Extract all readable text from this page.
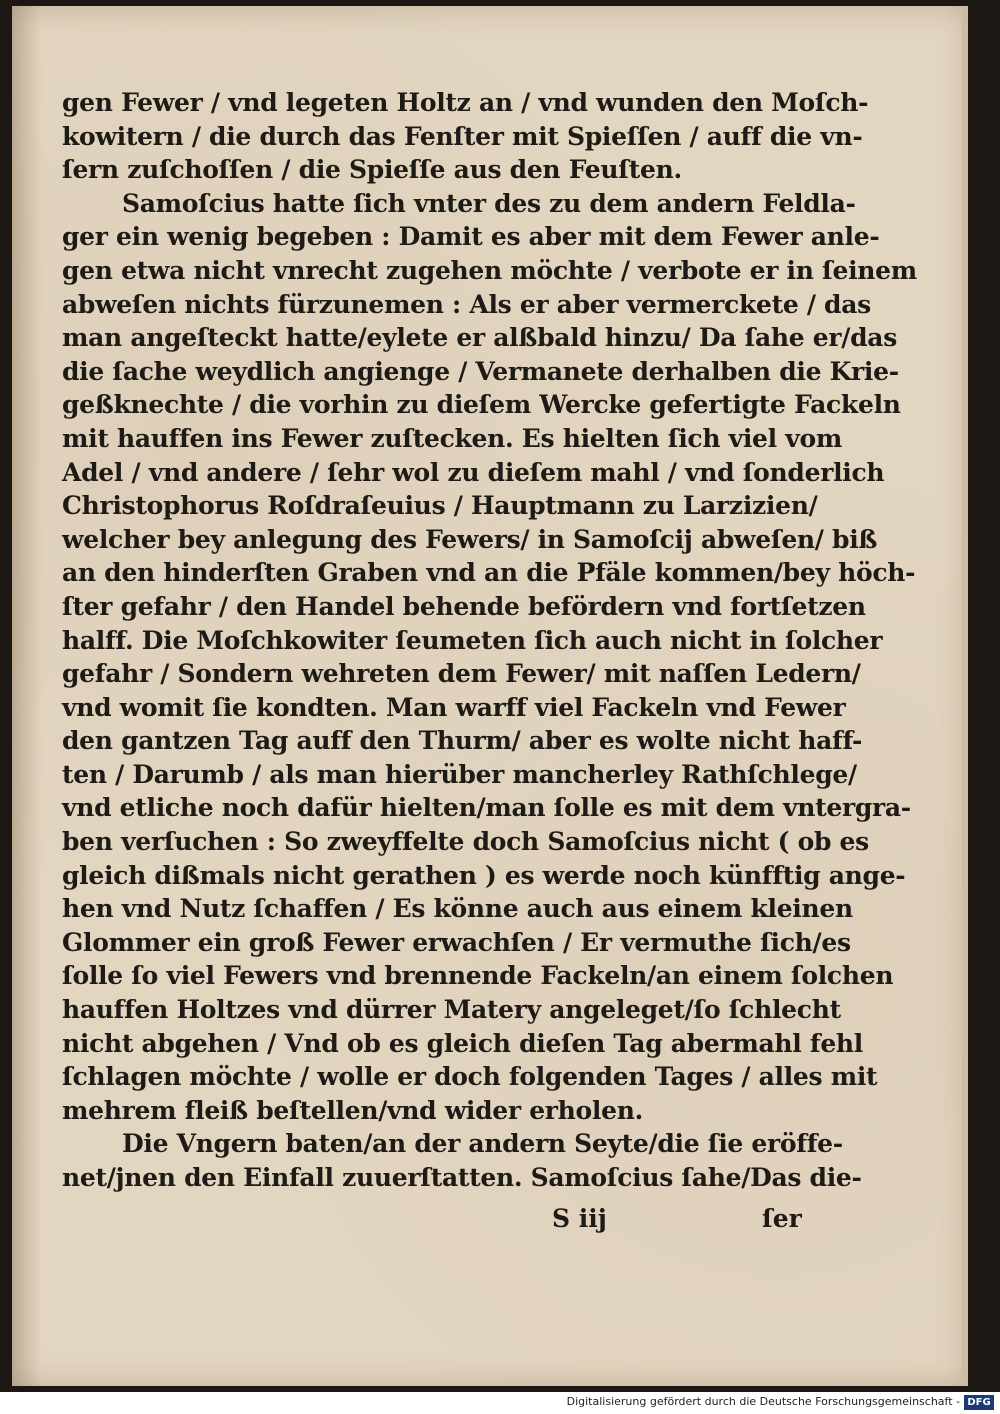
gen Fewer / vnd legeten Holtz an / vnd wunden den Moſch-
kowitern / die durch das Fenſter mit Spieſſen / auff die vn-
ſern zuſchoſſen / die Spieſſe aus den Feuſten.
Samoſcius hatte ſich vnter des zu dem andern Feldla-
ger ein wenig begeben : Damit es aber mit dem Fewer anle-
gen etwa nicht vnrecht zugehen möchte / verbote er in ſeinem
abweſen nichts fürzunemen : Als er aber vermerckete / das
man angeſteckt hatte/eylete er alßbald hinzu/ Da ſahe er/das
die ſache weydlich angienge / Vermanete derhalben die Krie-
geßknechte / die vorhin zu dieſem Wercke gefertigte Fackeln
mit hauffen ins Fewer zuſtecken. Es hielten ſich viel vom
Adel / vnd andere / ſehr wol zu dieſem mahl / vnd ſonderlich
Christophorus Roſdraſeuius / Hauptmann zu Larzizien/
welcher bey anlegung des Fewers/ in Samoſcij abweſen/ biß
an den hinderſten Graben vnd an die Pfäle kommen/bey höch-
ſter gefahr / den Handel behende befördern vnd fortſetzen
halff. Die Moſchkowiter ſeumeten ſich auch nicht in ſolcher
gefahr / Sondern wehreten dem Fewer/ mit naſſen Ledern/
vnd womit ſie kondten. Man warff viel Fackeln vnd Fewer
den gantzen Tag auff den Thurm/ aber es wolte nicht haff-
ten / Darumb / als man hierüber mancherley Rathſchlege/
vnd etliche noch dafür hielten/man ſolle es mit dem vntergra-
ben verſuchen : So zweyffelte doch Samoſcius nicht ( ob es
gleich dißmals nicht gerathen ) es werde noch künfftig ange-
hen vnd Nutz ſchaffen / Es könne auch aus einem kleinen
Glommer ein groß Fewer erwachſen / Er vermuthe ſich/es
ſolle ſo viel Fewers vnd brennende Fackeln/an einem ſolchen
hauffen Holtzes vnd dürrer Matery angeleget/ſo ſchlecht
nicht abgehen / Vnd ob es gleich dieſen Tag abermahl fehl
ſchlagen möchte / wolle er doch folgenden Tages / alles mit
mehrem fleiß beſtellen/vnd wider erholen.
Die Vngern baten/an der andern Seyte/die ſie eröffe-
net/jnen den Einfall zuuerſtatten. Samoſcius ſahe/Das die-
S iij	ſer
Digitalisierung gefördert durch die Deutsche Forschungsgemeinschaft - DFG
